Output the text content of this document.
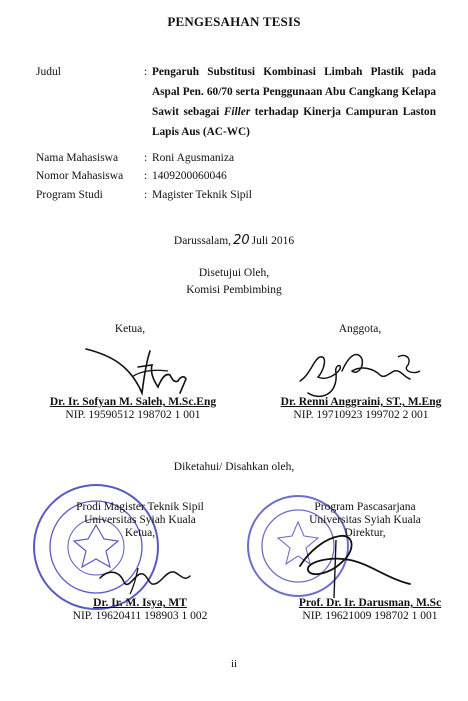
PENGESAHAN TESIS
Judul	: Pengaruh Substitusi Kombinasi Limbah Plastik pada Aspal Pen. 60/70 serta Penggunaan Abu Cangkang Kelapa Sawit sebagai Filler terhadap Kinerja Campuran Laston Lapis Aus (AC-WC)
Nama Mahasiswa : Roni Agusmaniza
Nomor Mahasiswa : 1409200060046
Program Studi	: Magister Teknik Sipil
Darussalam, 20 Juli 2016
Disetujui Oleh,
Komisi Pembimbing
Ketua,
Dr. Ir. Sofyan M. Saleh, M.Sc.Eng
NIP. 19590512 198702 1 001
Anggota,
Dr. Renni Anggraini, ST., M.Eng
NIP. 19710923 199702 2 001
Diketahui/ Disahkan oleh,
Prodi Magister Teknik Sipil
Universitas Syiah Kuala
Ketua,
Dr. Ir. M. Isya, MT
NIP. 19620411 198903 1 002
Program Pascasarjana
Universitas Syiah Kuala
Direktur,
Prof. Dr. Ir. Darusman, M.Sc
NIP. 19621009 198702 1 001
ii
